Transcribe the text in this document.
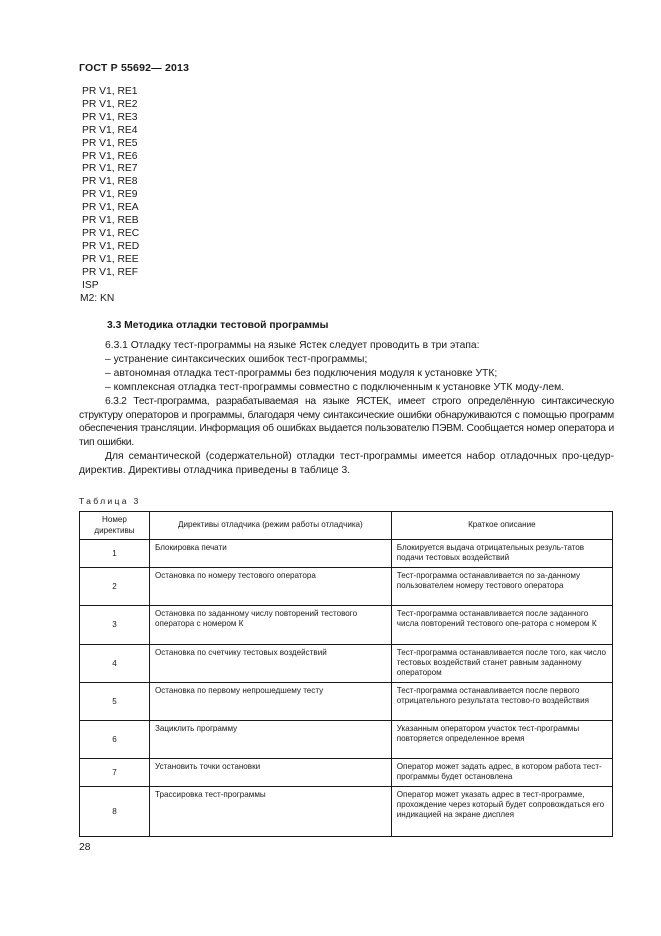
ГОСТ Р 55692— 2013
PR V1, RE1
PR V1, RE2
PR V1, RE3
PR V1, RE4
PR V1, RE5
PR V1, RE6
PR V1, RE7
PR V1, RE8
PR V1, RE9
PR V1, REA
PR V1, REB
PR V1, REC
PR V1, RED
PR V1, REE
PR V1, REF
ISP
M2: KN
3.3 Методика отладки тестовой программы

6.3.1 Отладку тест-программы на языке Ястек следует проводить в три этапа:

– устранение синтаксических ошибок тест-программы;

– автономная отладка тест-программы без подключения модуля к установке УТК;

– комплексная отладка тест-программы совместно с подключенным к установке УТК моду-лем.

6.3.2 Тест-программа, разрабатываемая на языке ЯСТЕК, имеет строго определённую синтаксическую структуру операторов и программы, благодаря чему синтаксические ошибки обнаруживаются с помощью программ обеспечения трансляции. Информация об ошибках выдается пользователю ПЭВМ. Сообщается номер оператора и тип ошибки.

Для семантической (содержательной) отладки тест-программы имеется набор отладочных про-цедур-директив. Директивы отладчика приведены в таблице 3.

Таблица 3
Номер директивы	Директивы отладчика (режим работы отладчика)	Краткое описание
1	Блокировка печати	Блокируется выдача отрицательных резуль-татов подачи тестовых воздействий
2	Остановка по номеру тестового оператора	Тест-программа останавливается по за-данному пользователем номеру тестового оператора
3	Остановка по заданному числу повторений тестового оператора с номером К	Тест-программа останавливается после заданного числа повторений тестового опе-ратора с номером К
4	Остановка по счетчику тестовых воздействий	Тест-программа останавливается после того, как число тестовых воздействий станет равным заданному оператором
5	Остановка по первому непрошедшему тесту	Тест-программа останавливается после первого отрицательного результата тестово-го воздействия
6	Зациклить программу	Указанным оператором участок тест-программы повторяется определенное время
7	Установить точки остановки	Оператор может задать адрес, в котором работа тест-программы будет остановлена
8	Трассировка тест-программы	Оператор может указать адрес в тест-программе, прохождение через который будет сопровождаться его индикацией на экране дисплея
28
